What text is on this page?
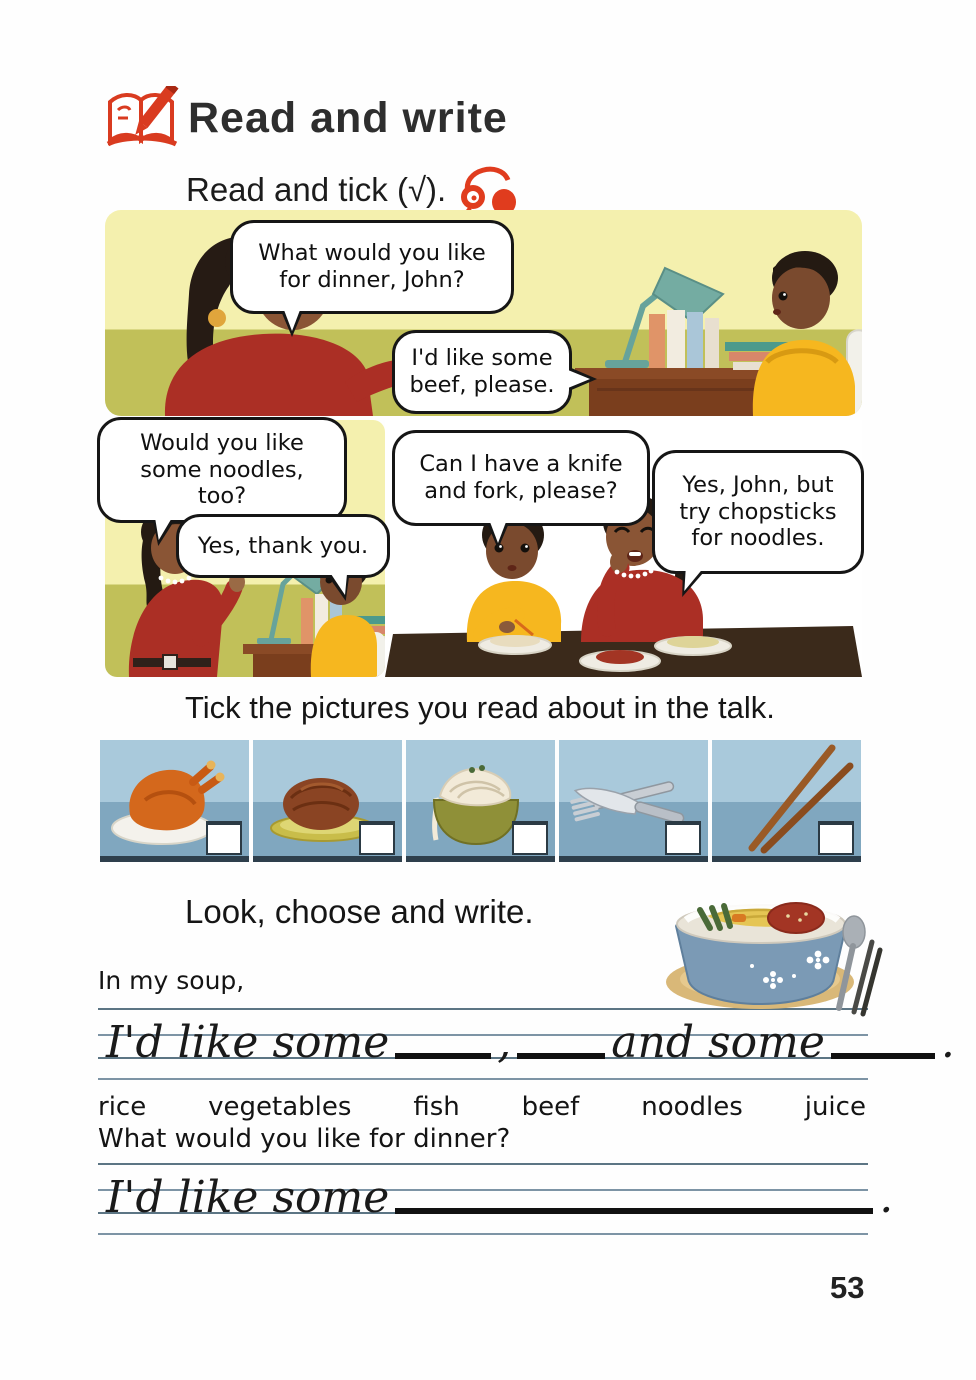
Read and write
Read and tick (√).
What would you like for dinner, John?
I'd like some beef, please.
Would you like some noodles, too?
Yes, thank you.
Can I have a knife and fork, please?	Yes, John, but try chopsticks for noodles.
Tick the pictures you read about in the talk.
Look, choose and write.
In my soup,
I'd like some , and some	.
rice vegetables fish beef noodles juice
What would you like for dinner?
I'd like some	.
53
